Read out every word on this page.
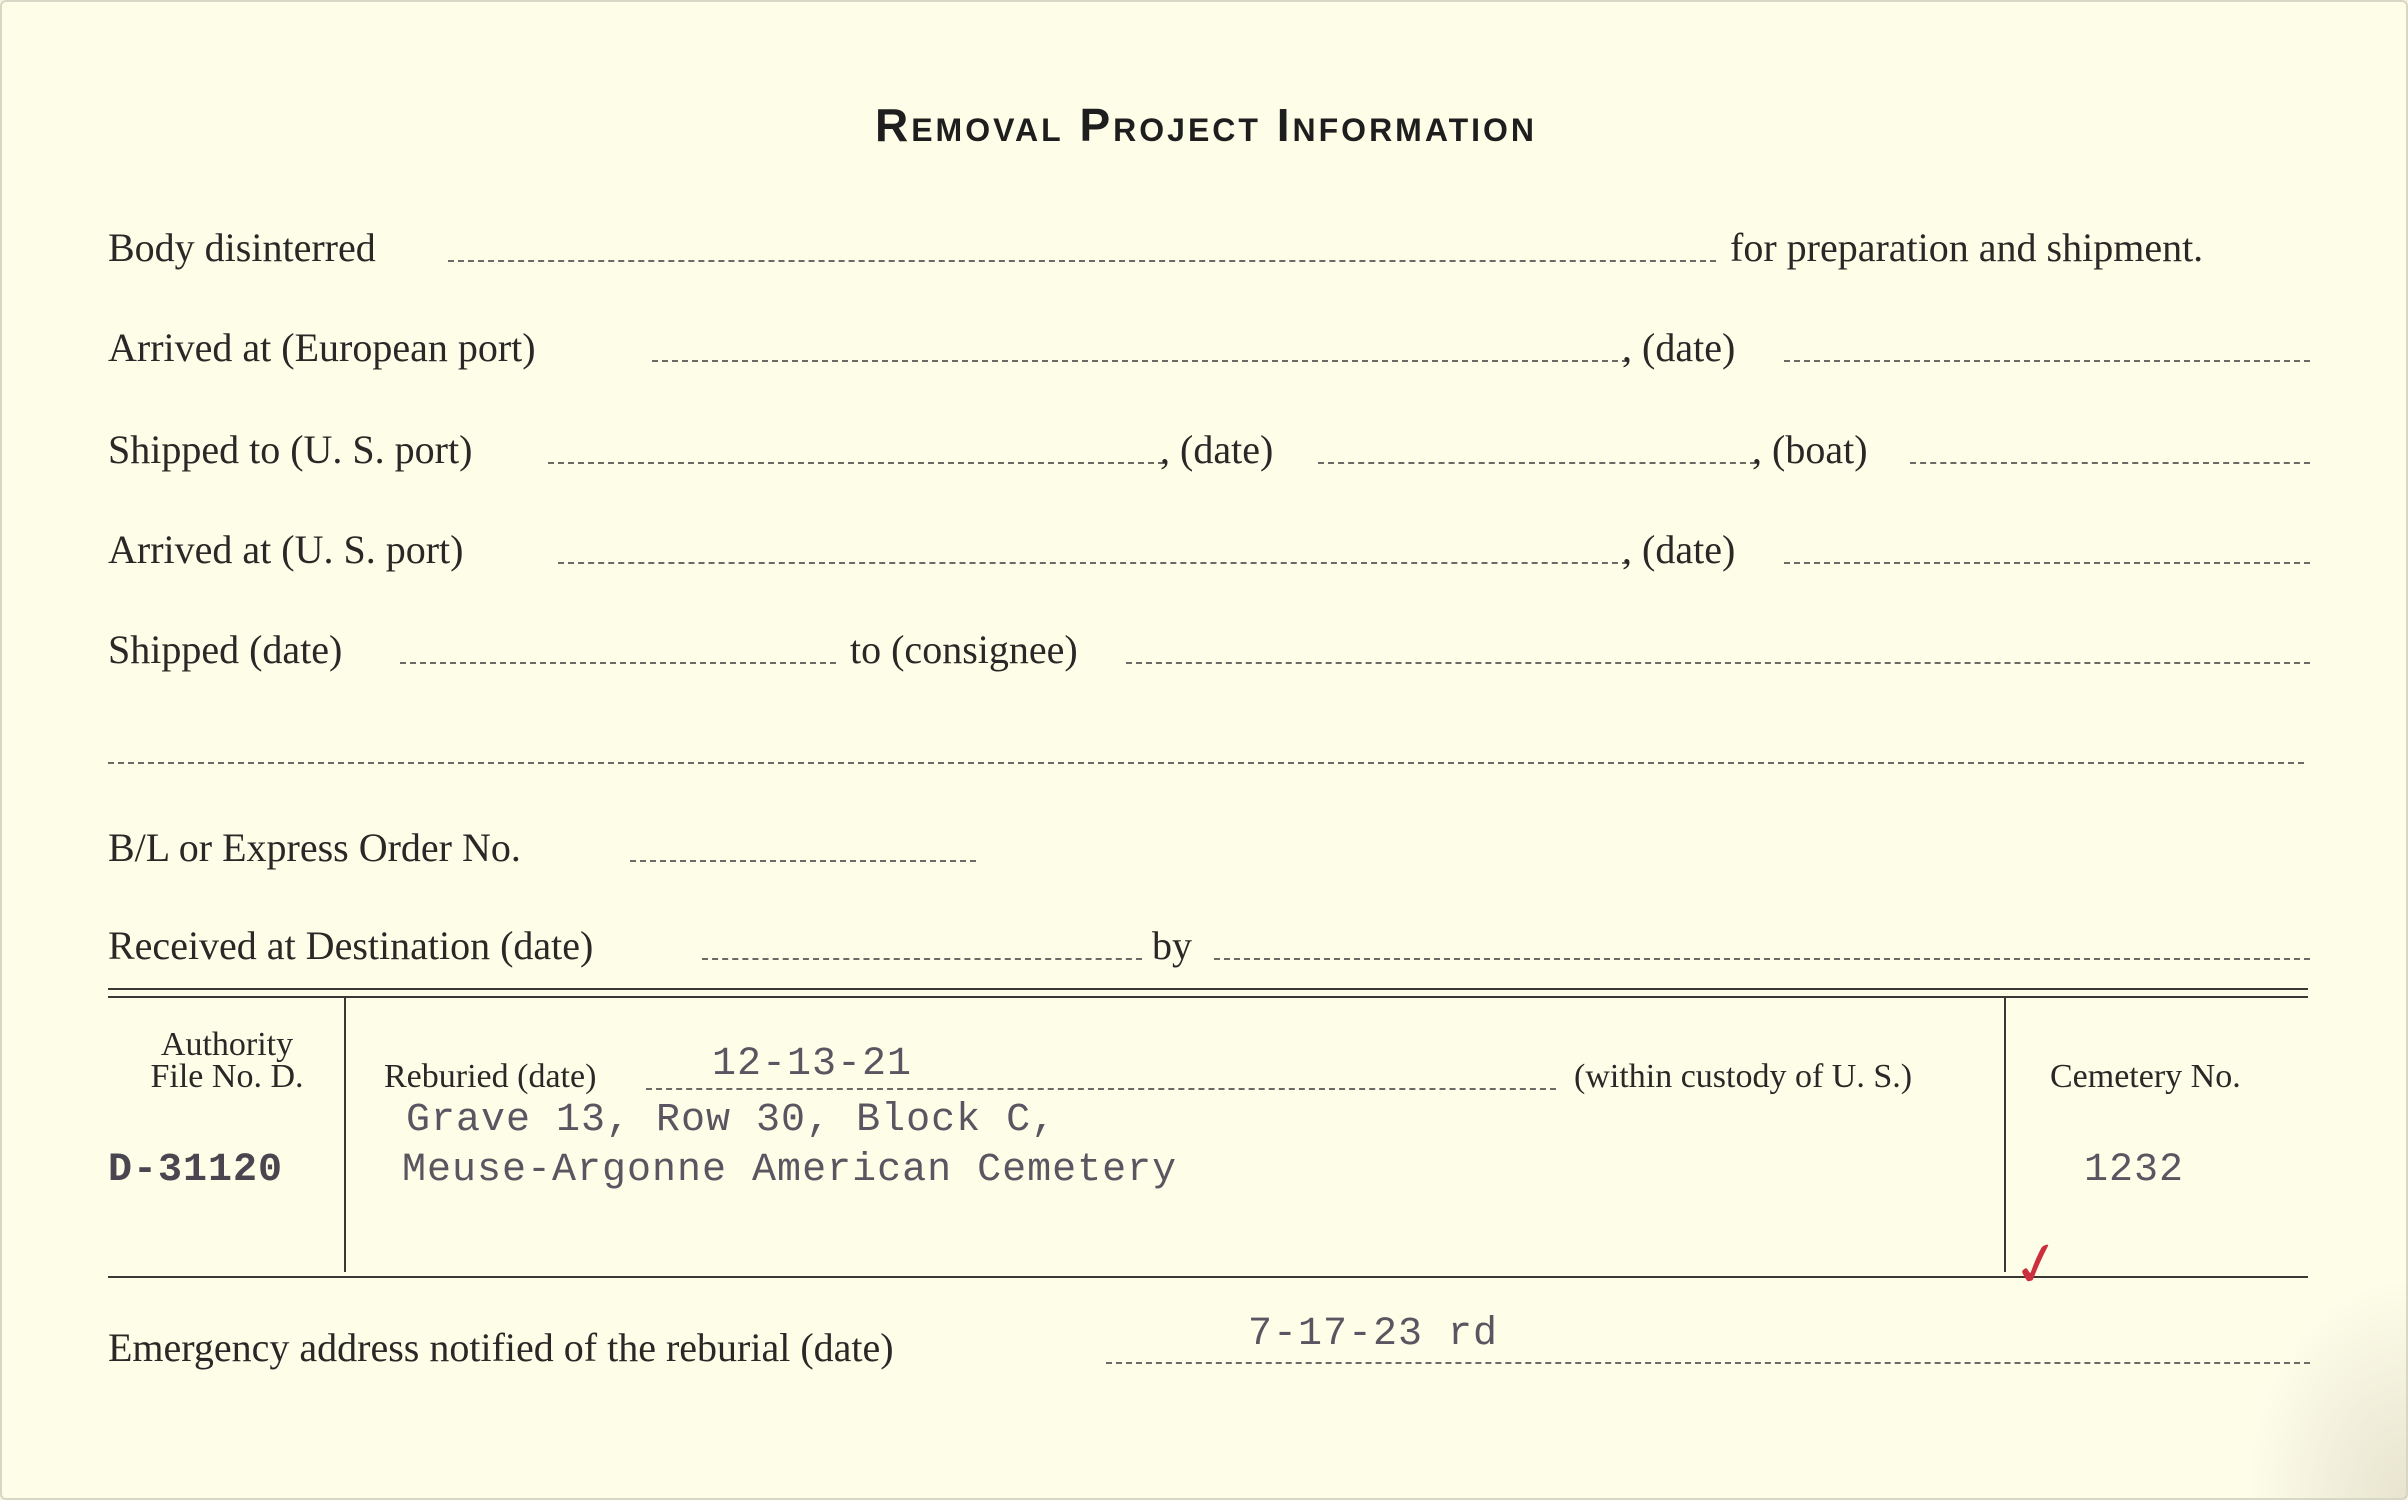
Removal Project Information
Body disinterred	for preparation and shipment.
Arrived at (European port)	, (date)
Shipped to (U. S. port)	, (date)	, (boat)
Arrived at (U. S. port)	, (date)
Shipped (date)	to (consignee)
B/L or Express Order No.
Received at Destination (date)	by
Authority
File No. D.
D-31120
Reburied (date)	12-13-21	(within custody of U. S.)
Grave 13, Row 30, Block C,
Meuse-Argonne American Cemetery
Cemetery No.
1232
✓
Emergency address notified of the reburial (date)	7-17-23 rd
